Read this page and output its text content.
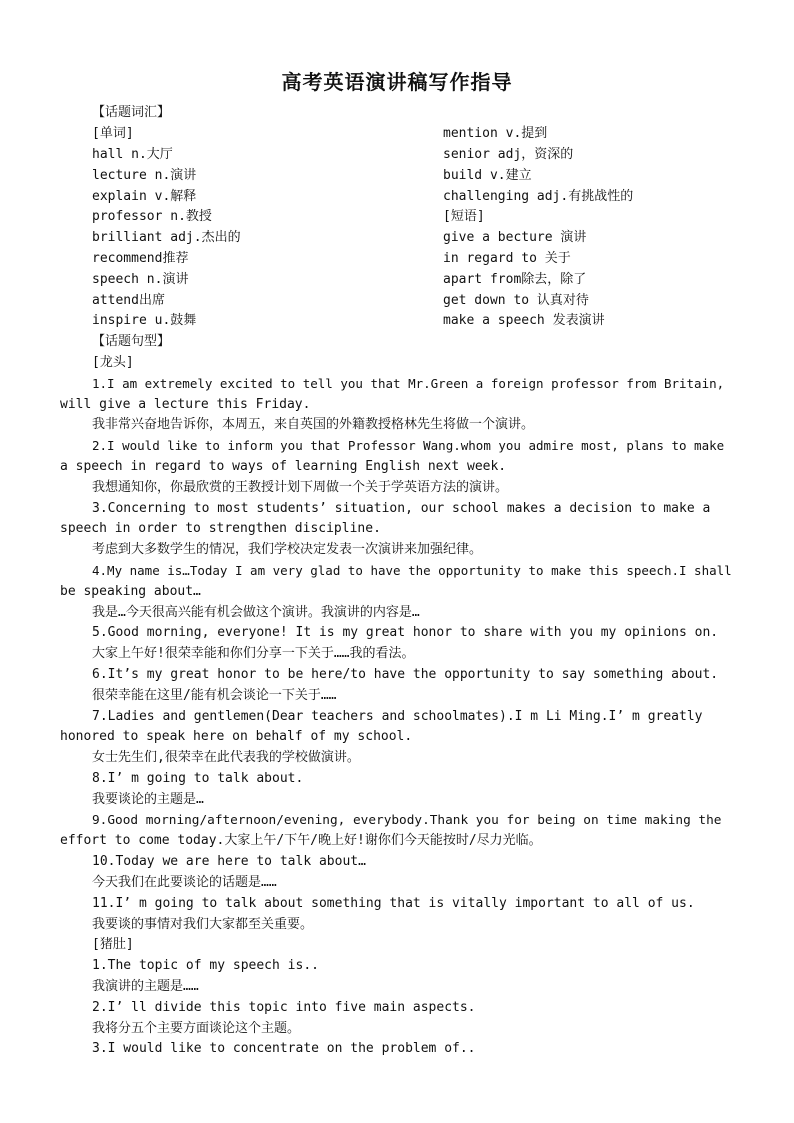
高考英语演讲稿写作指导
【话题词汇】
[单词]
hall n.大厅
lecture n.演讲
explain v.解释
professor n.教授
brilliant adj.杰出的
recommend推荐
speech n.演讲
attend出席
inspire u.鼓舞
mention v.提到
senior adj，资深的
build v.建立
challenging adj.有挑战性的
[短语]
give a becture 演讲
in regard to 关于
apart from除去，除了
get down to 认真对待
make a speech 发表演讲
【话题句型】
[龙头]
1.I am extremely excited to tell you that Mr.Green a foreign professor from Britain,
will give a lecture this Friday.
我非常兴奋地告诉你，本周五，来自英国的外籍教授格林先生将做一个演讲。
2.I would like to inform you that Professor Wang.whom you admire most, plans to make
a speech in regard to ways of learning English next week.
我想通知你，你最欣赏的王教授计划下周做一个关于学英语方法的演讲。
3.Concerning to most students’ situation, our school makes a decision to make a
speech in order to strengthen discipline.
考虑到大多数学生的情况，我们学校决定发表一次演讲来加强纪律。
4.My name is…Today I am very glad to have the opportunity to make this speech.I shall
be speaking about…
我是…今天很高兴能有机会做这个演讲。我演讲的内容是…
5.Good morning, everyone! It is my great honor to share with you my opinions on.
大家上午好!很荣幸能和你们分享一下关于……我的看法。
6.It’s my great honor to be here/to have the opportunity to say something about.
很荣幸能在这里/能有机会谈论一下关于……
7.Ladies and gentlemen(Dear teachers and schoolmates).I m Li Ming.I’ m greatly
honored to speak here on behalf of my school.
女士先生们,很荣幸在此代表我的学校做演讲。
8.I’ m going to talk about.
我要谈论的主题是…
9.Good morning/afternoon/evening, everybody.Thank you for being on time making the
effort to come today.大家上午/下午/晚上好!谢你们今天能按时/尽力光临。
10.Today we are here to talk about…
今天我们在此要谈论的话题是……
11.I’ m going to talk about something that is vitally important to all of us.
我要谈的事情对我们大家都至关重要。
[猪肚]
1.The topic of my speech is..
我演讲的主题是……
2.I’ ll divide this topic into five main aspects.
我将分五个主要方面谈论这个主题。
3.I would like to concentrate on the problem of..
